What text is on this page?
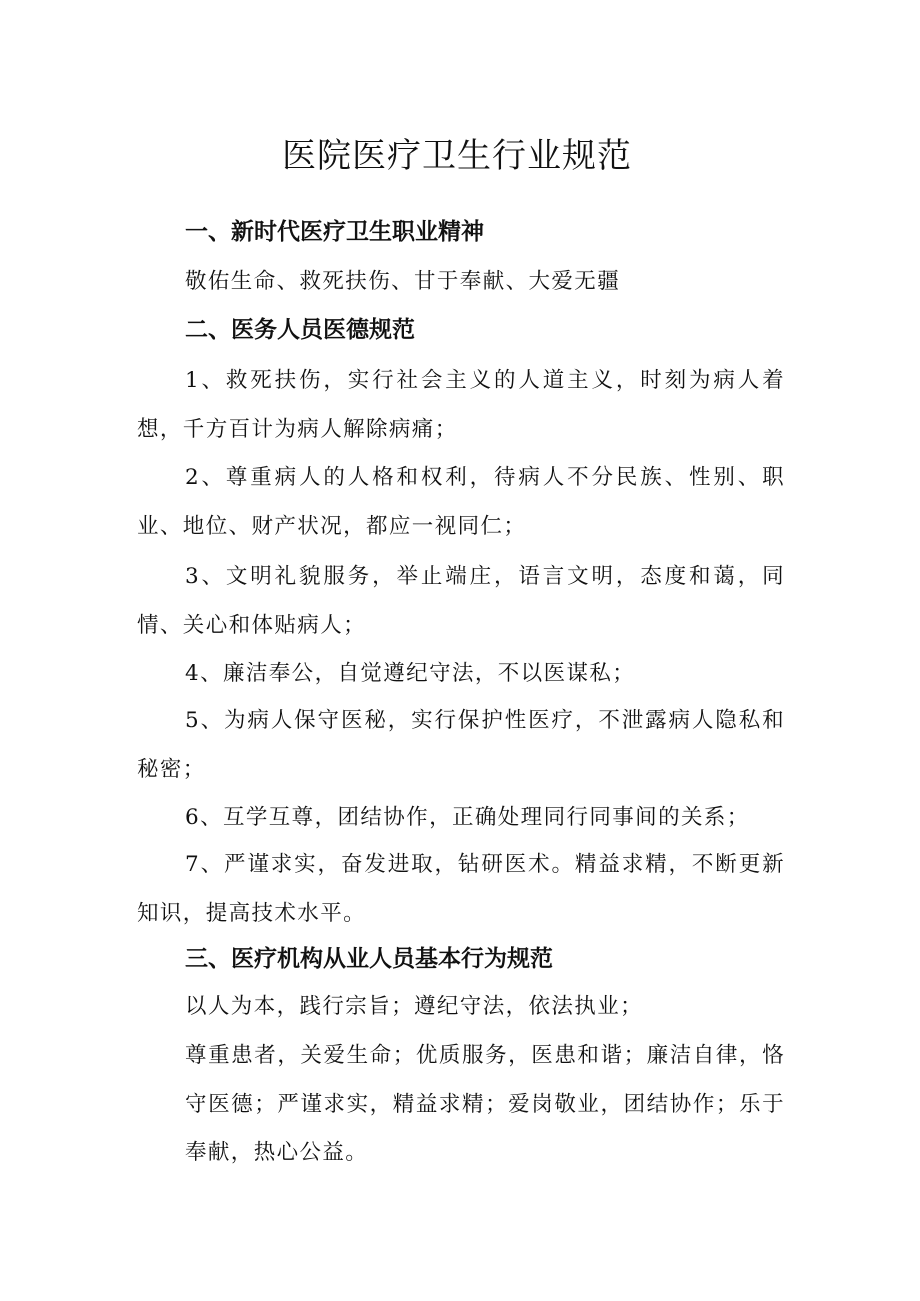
医院医疗卫生行业规范
一、新时代医疗卫生职业精神

敬佑生命、救死扶伤、甘于奉献、大爱无疆

二、医务人员医德规范

1、救死扶伤，实行社会主义的人道主义，时刻为病人着想，千方百计为病人解除病痛；

2、尊重病人的人格和权利，待病人不分民族、性别、职业、地位、财产状况，都应一视同仁；

3、文明礼貌服务，举止端庄，语言文明，态度和蔼，同情、关心和体贴病人；

4、廉洁奉公，自觉遵纪守法，不以医谋私；

5、为病人保守医秘，实行保护性医疗，不泄露病人隐私和秘密；

6、互学互尊，团结协作，正确处理同行同事间的关系；

7、严谨求实，奋发进取，钻研医术。精益求精，不断更新知识，提高技术水平。

三、医疗机构从业人员基本行为规范

以人为本，践行宗旨；遵纪守法，依法执业；

尊重患者，关爱生命；优质服务，医患和谐；廉洁自律，恪守医德；严谨求实，精益求精；爱岗敬业，团结协作；乐于奉献，热心公益。
